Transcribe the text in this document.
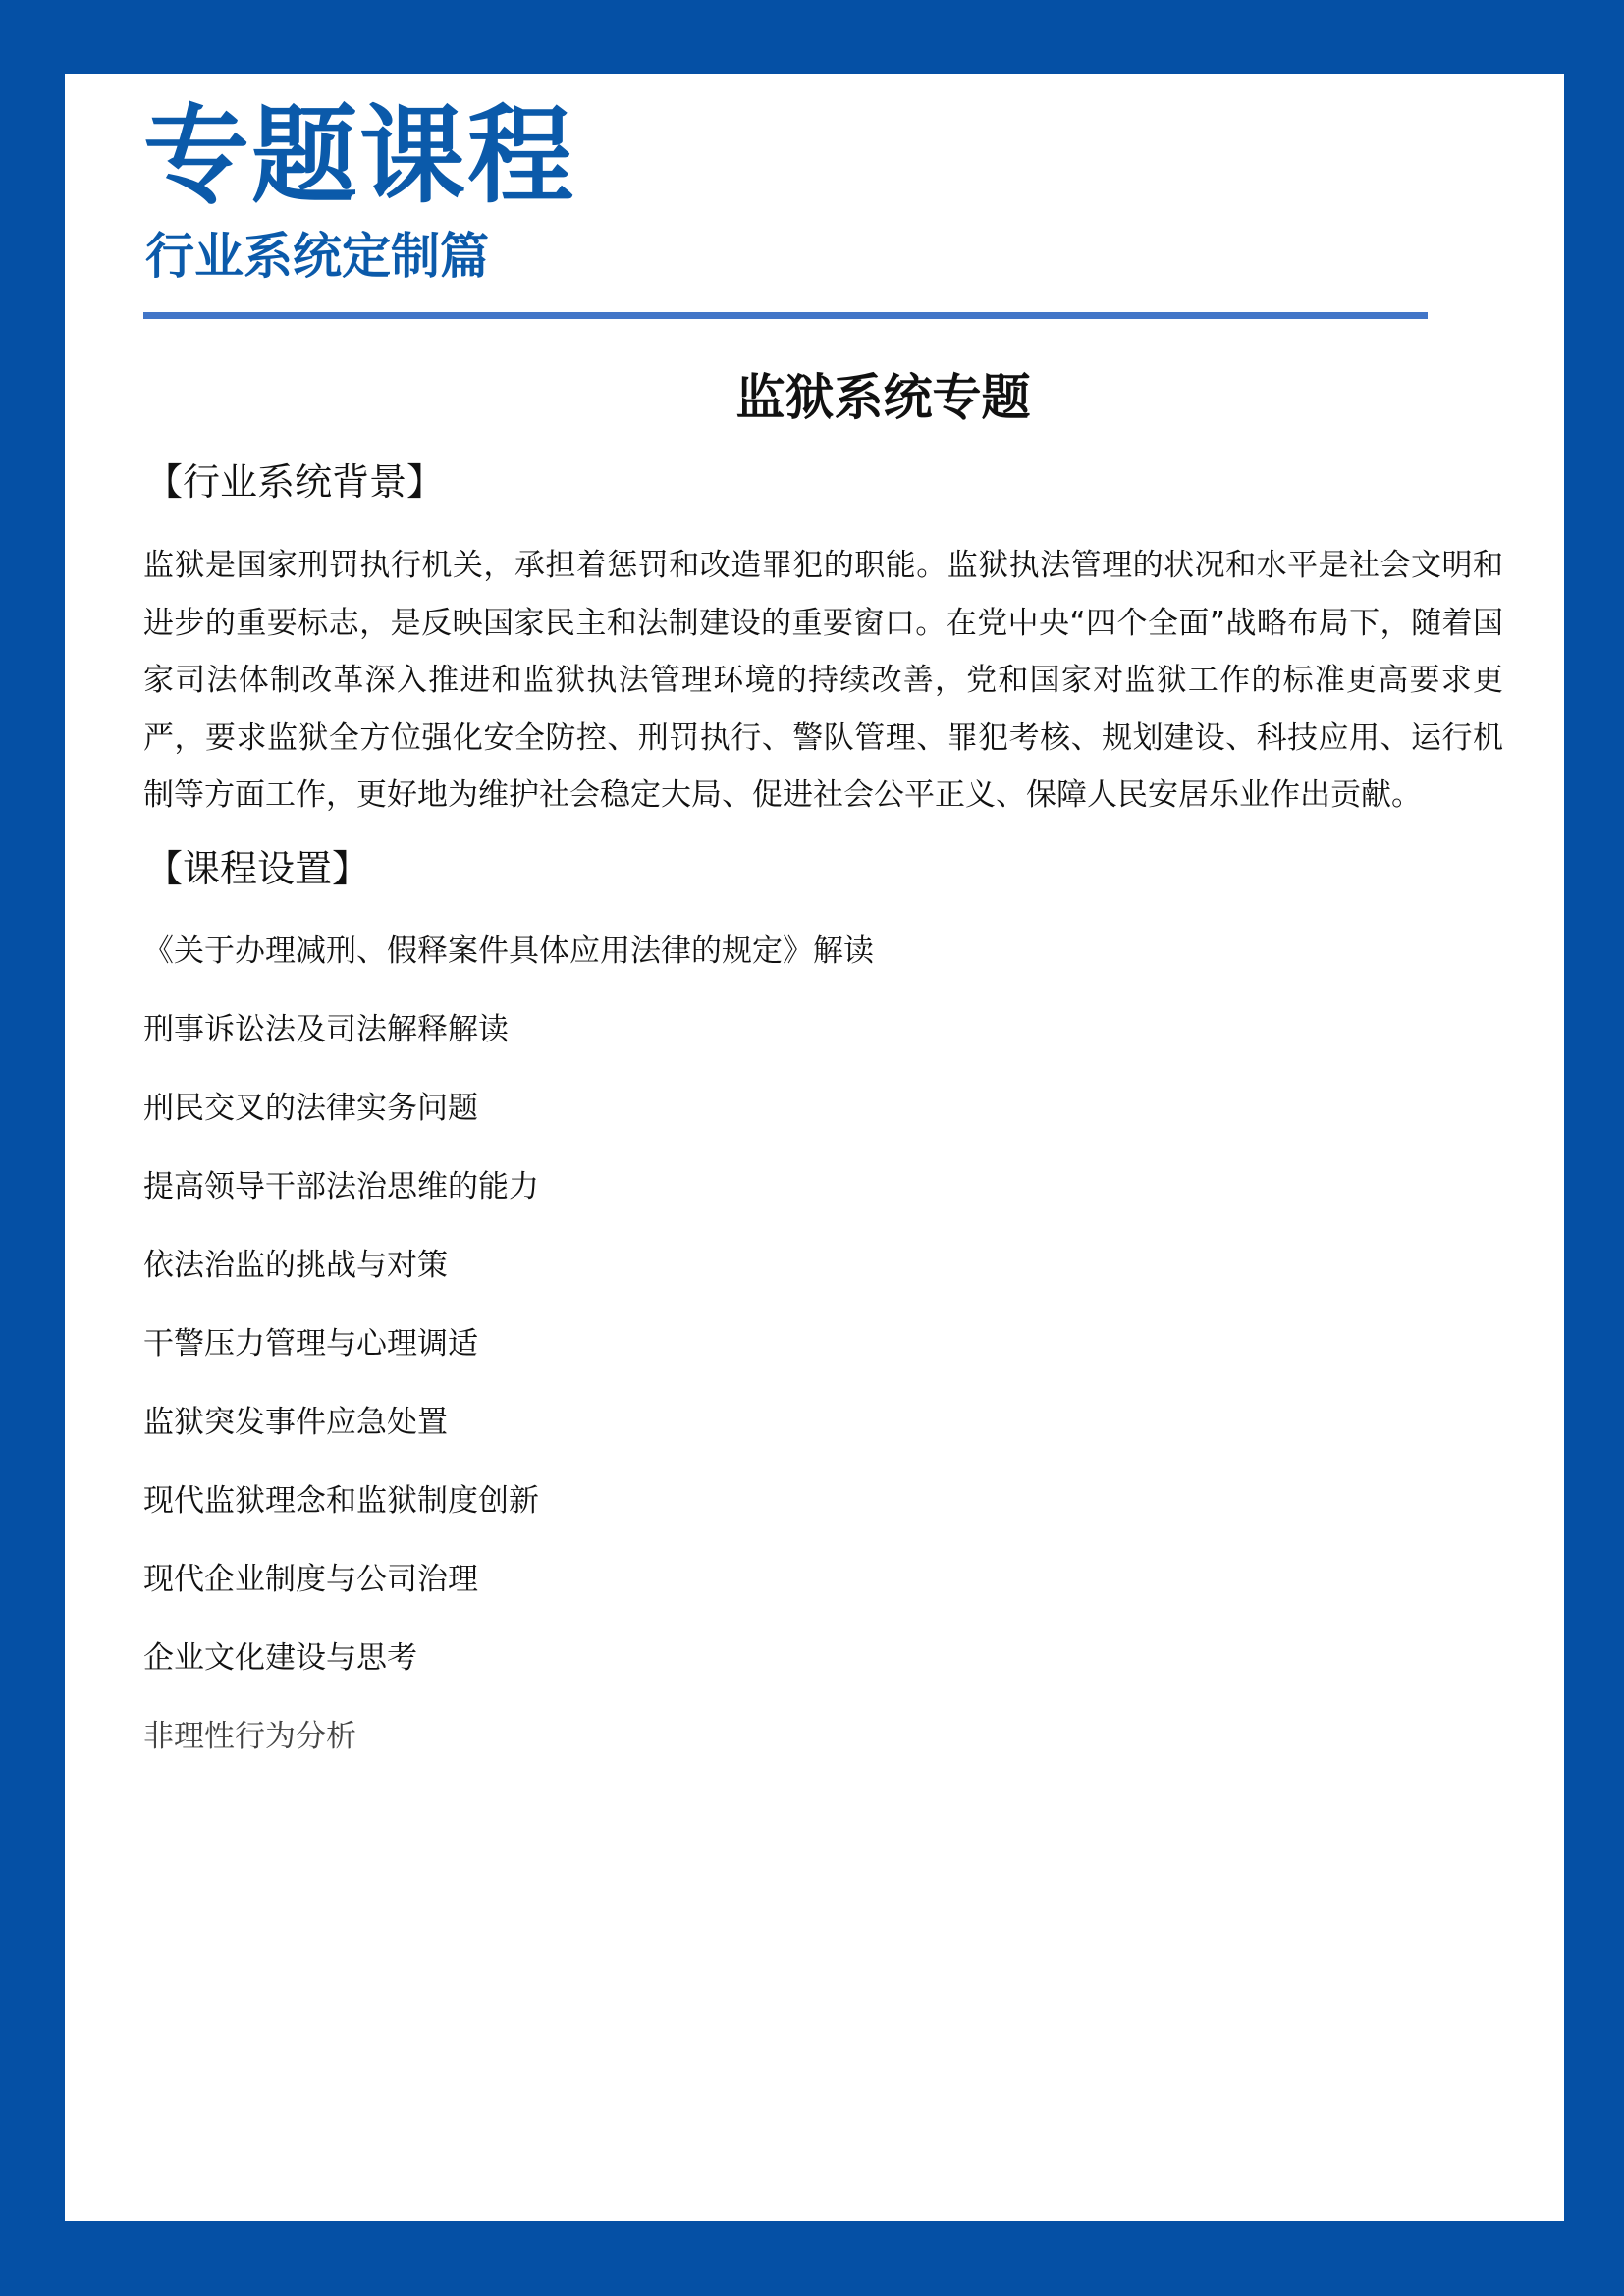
专题课程
行业系统定制篇
监狱系统专题
【行业系统背景】

监狱是国家刑罚执行机关，承担着惩罚和改造罪犯的职能。监狱执法管理的状况和水平是社会文明和进步的重要标志，是反映国家民主和法制建设的重要窗口。在党中央“四个全面”战略布局下，随着国家司法体制改革深入推进和监狱执法管理环境的持续改善，党和国家对监狱工作的标准更高要求更严，要求监狱全方位强化安全防控、刑罚执行、警队管理、罪犯考核、规划建设、科技应用、运行机制等方面工作，更好地为维护社会稳定大局、促进社会公平正义、保障人民安居乐业作出贡献。

【课程设置】
《关于办理减刑、假释案件具体应用法律的规定》解读
刑事诉讼法及司法解释解读
刑民交叉的法律实务问题
提高领导干部法治思维的能力
依法治监的挑战与对策
干警压力管理与心理调适
监狱突发事件应急处置
现代监狱理念和监狱制度创新
现代企业制度与公司治理
企业文化建设与思考
非理性行为分析
